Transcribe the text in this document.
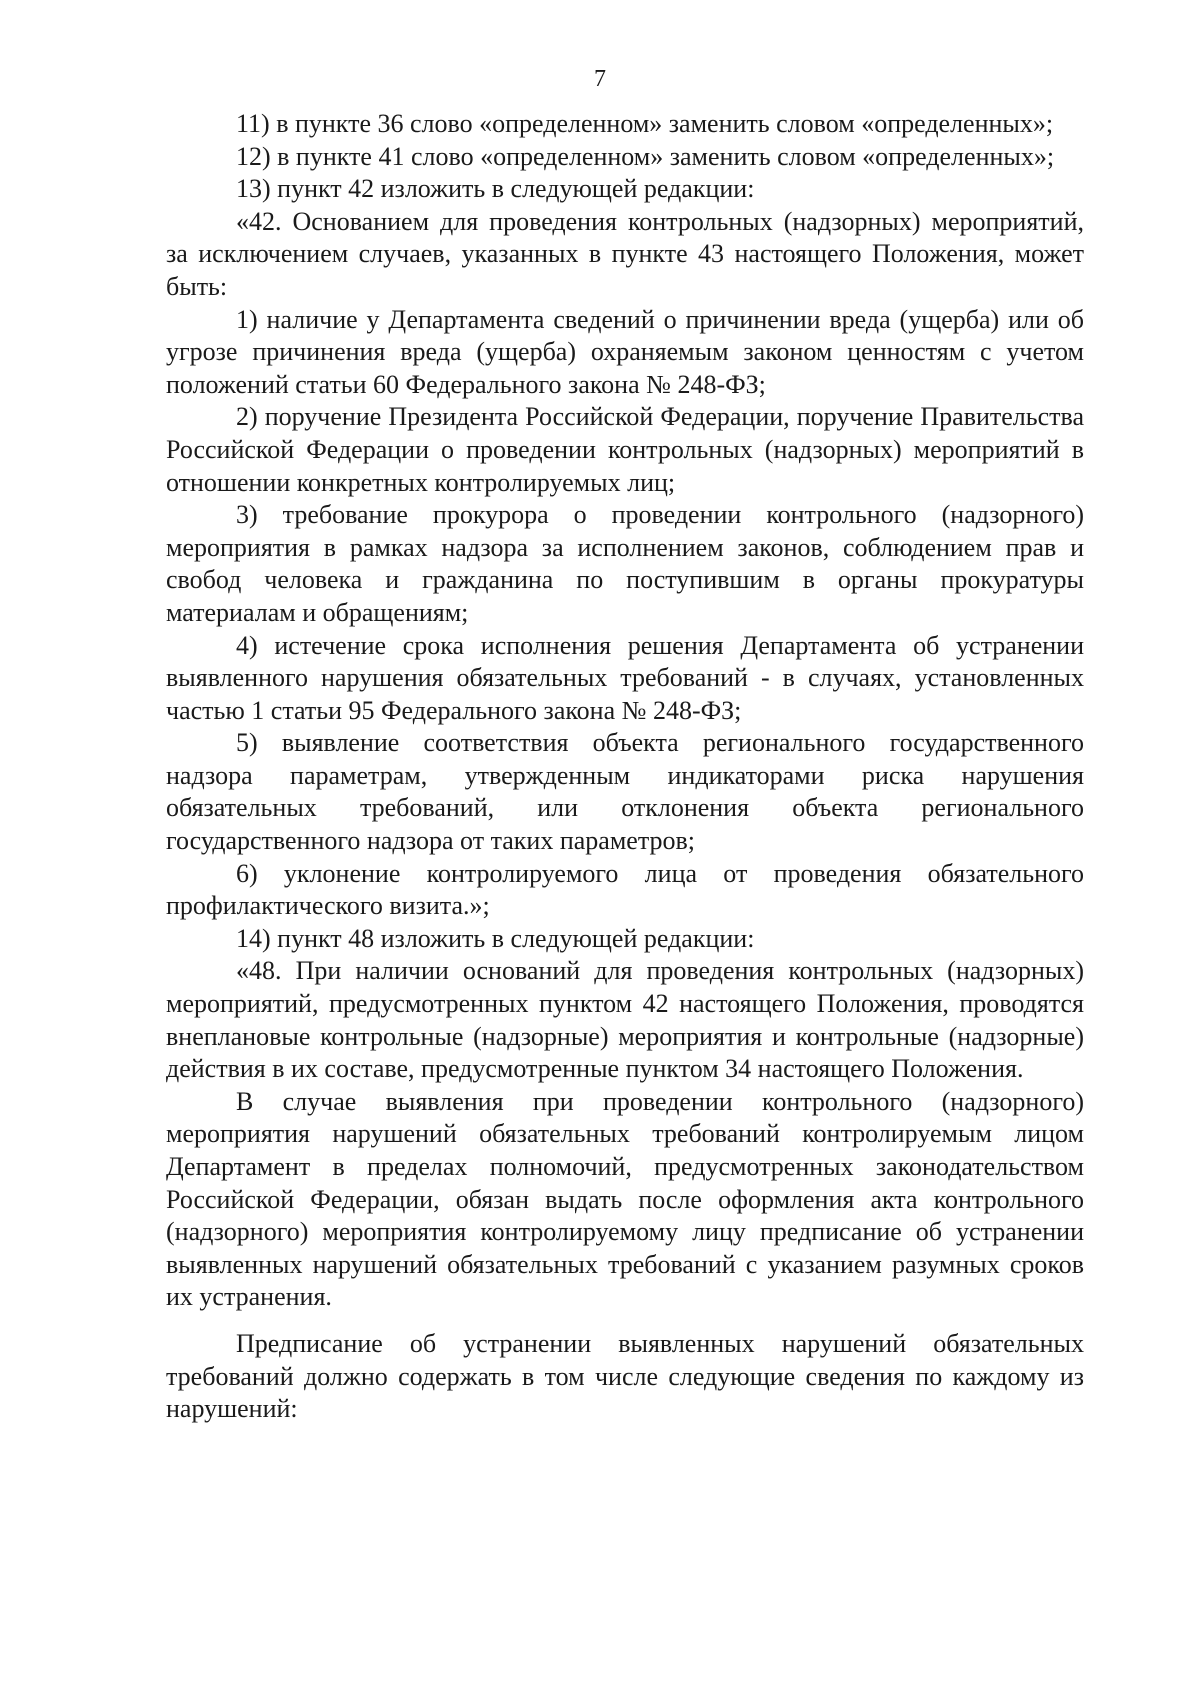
7

11) в пункте 36 слово «определенном» заменить словом «определенных»;

12) в пункте 41 слово «определенном» заменить словом «определенных»;

13) пункт 42 изложить в следующей редакции:

«42. Основанием для проведения контрольных (надзорных) мероприятий, за исключением случаев, указанных в пункте 43 настоящего Положения, может быть:

1) наличие у Департамента сведений о причинении вреда (ущерба) или об угрозе причинения вреда (ущерба) охраняемым законом ценностям с учетом положений статьи 60 Федерального закона № 248-ФЗ;

2) поручение Президента Российской Федерации, поручение Правительства Российской Федерации о проведении контрольных (надзорных) мероприятий в отношении конкретных контролируемых лиц;

3) требование прокурора о проведении контрольного (надзорного) мероприятия в рамках надзора за исполнением законов, соблюдением прав и свобод человека и гражданина по поступившим в органы прокуратуры материалам и обращениям;

4) истечение срока исполнения решения Департамента об устранении выявленного нарушения обязательных требований - в случаях, установленных частью 1 статьи 95 Федерального закона № 248-ФЗ;

5) выявление соответствия объекта регионального государственного надзора параметрам, утвержденным индикаторами риска нарушения обязательных требований, или отклонения объекта регионального государственного надзора от таких параметров;

6) уклонение контролируемого лица от проведения обязательного профилактического визита.»;

14) пункт 48 изложить в следующей редакции:

«48. При наличии оснований для проведения контрольных (надзорных) мероприятий, предусмотренных пунктом 42 настоящего Положения, проводятся внеплановые контрольные (надзорные) мероприятия и контрольные (надзорные) действия в их составе, предусмотренные пунктом 34 настоящего Положения.

В случае выявления при проведении контрольного (надзорного) мероприятия нарушений обязательных требований контролируемым лицом Департамент в пределах полномочий, предусмотренных законодательством Российской Федерации, обязан выдать после оформления акта контрольного (надзорного) мероприятия контролируемому лицу предписание об устранении выявленных нарушений обязательных требований с указанием разумных сроков их устранения.

Предписание об устранении выявленных нарушений обязательных требований должно содержать в том числе следующие сведения по каждому из нарушений:
